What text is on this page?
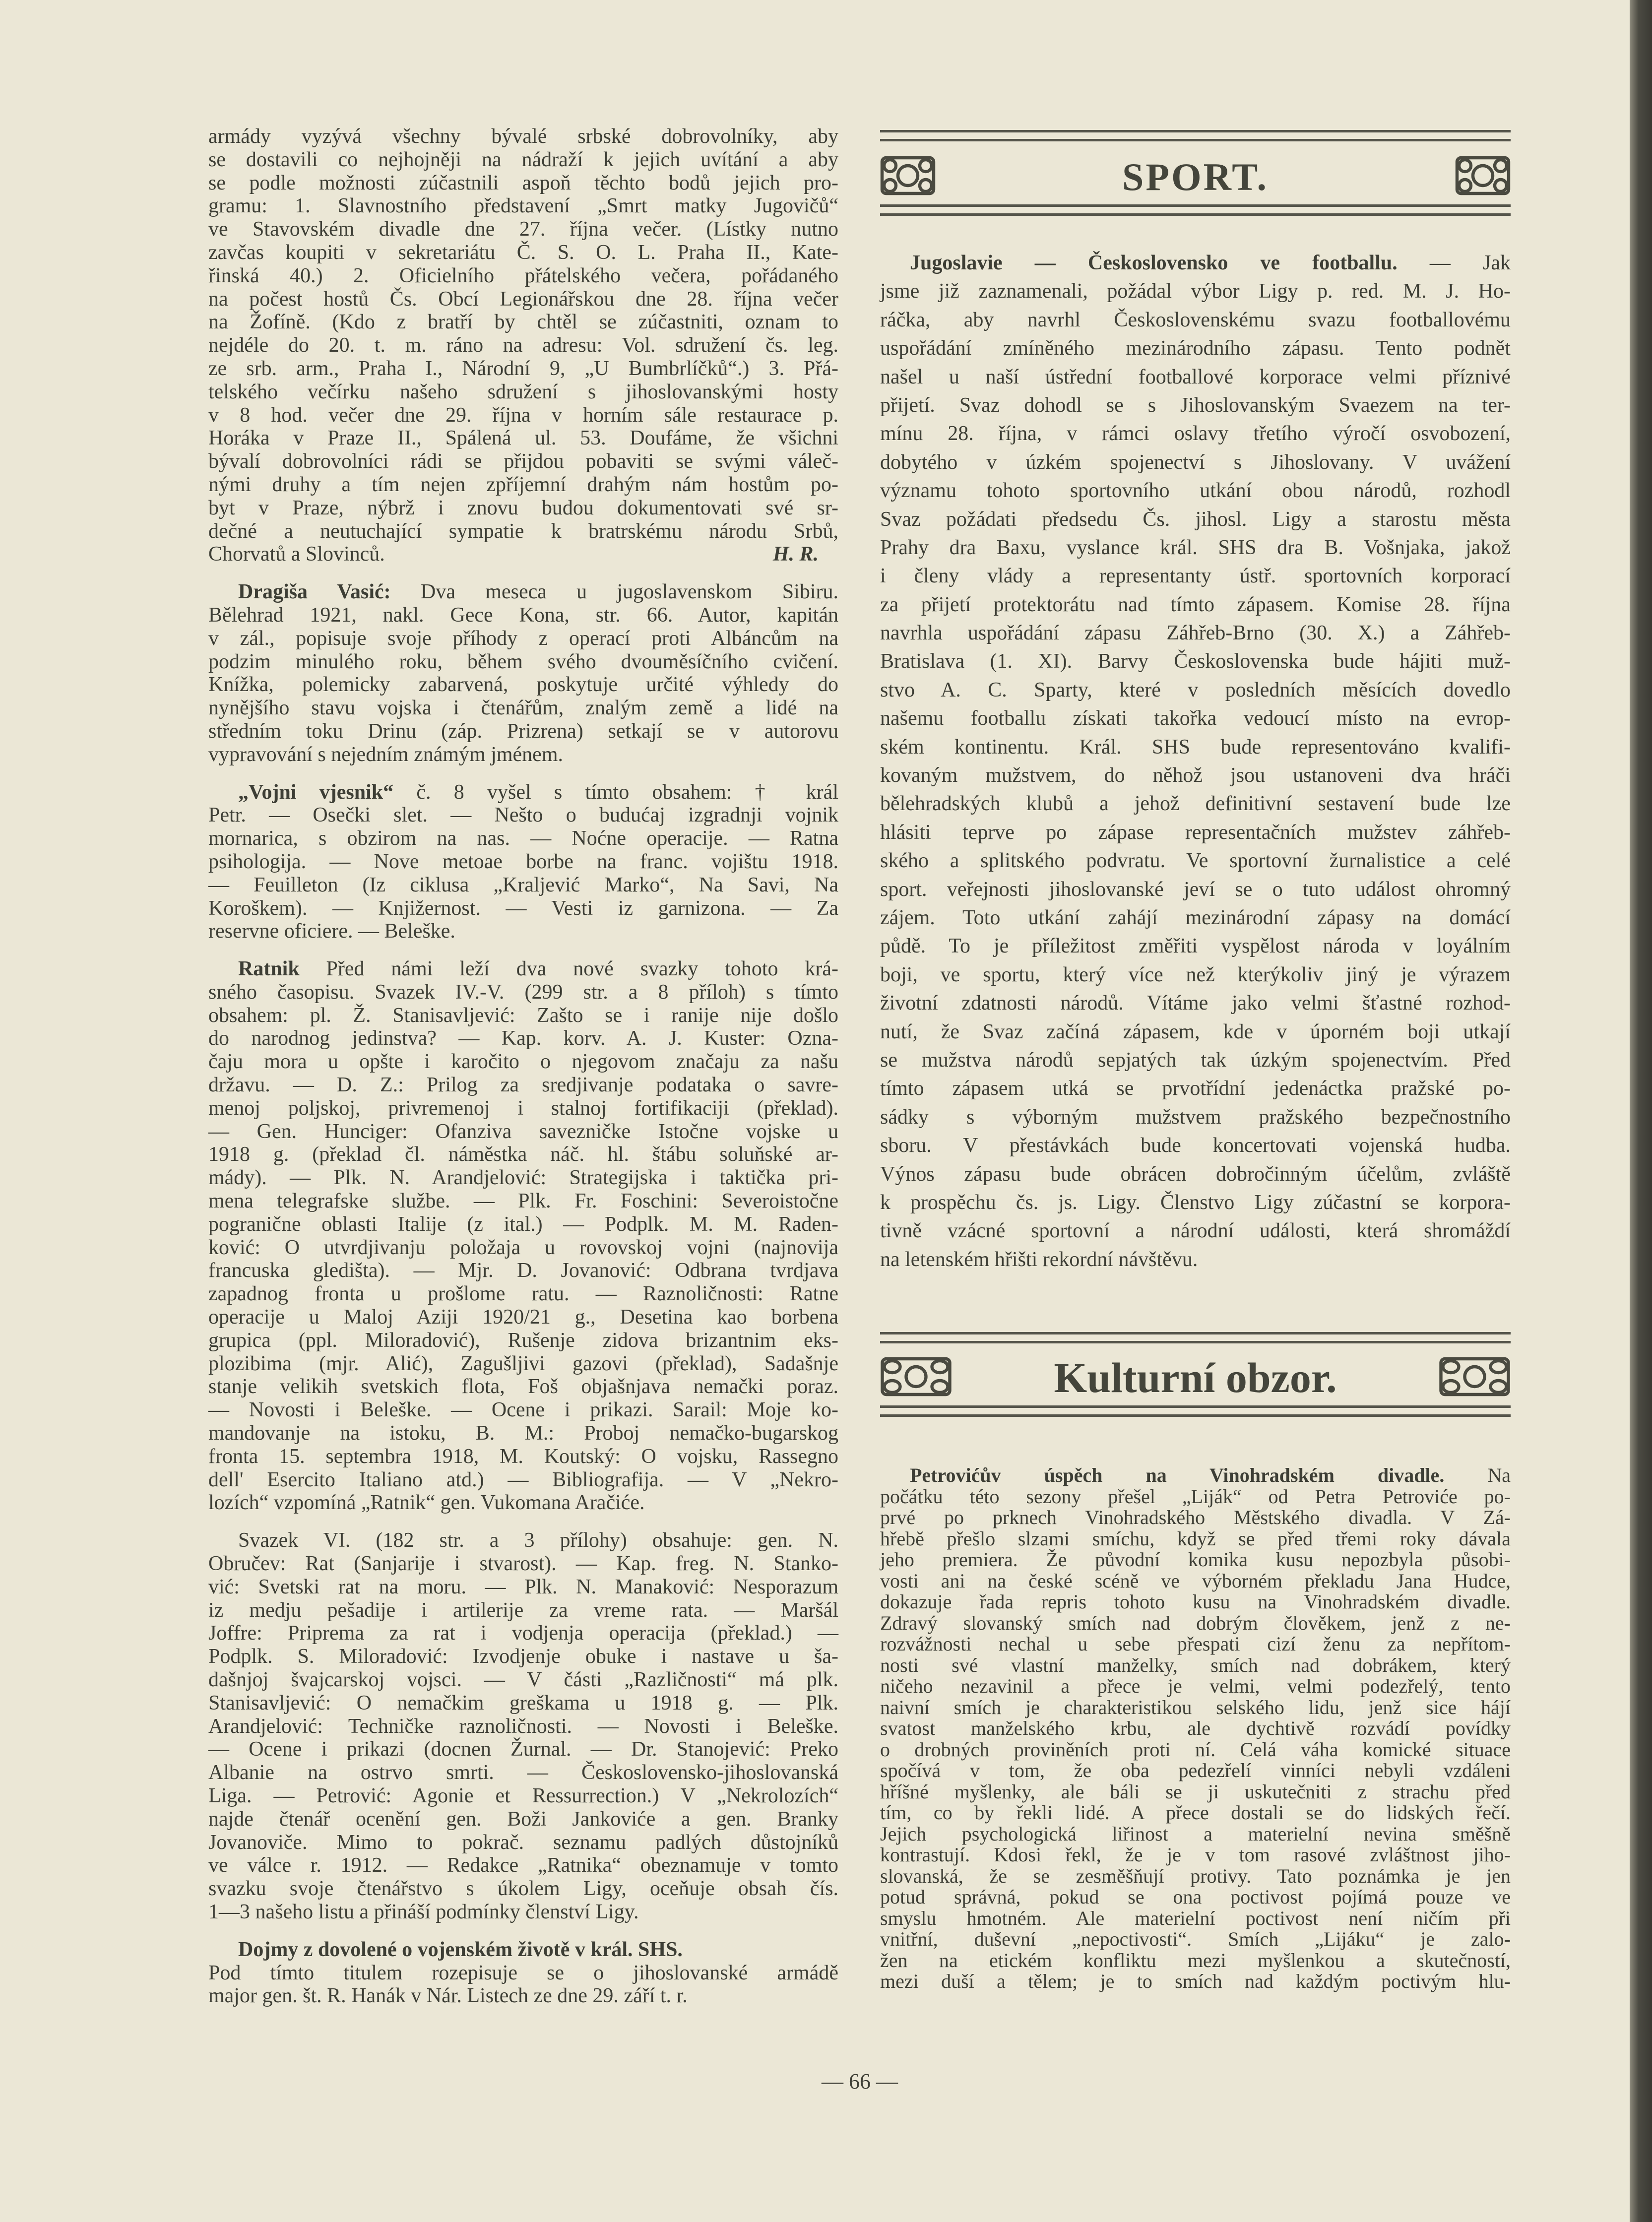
armády vyzývá všechny bývalé srbské dobrovolníky, aby
se dostavili co nejhojněji na nádraží k jejich uvítání a aby
se podle možnosti zúčastnili aspoň těchto bodů jejich pro-
gramu: 1. Slavnostního představení „Smrt matky Jugovičů“
ve Stavovském divadle dne 27. října večer. (Lístky nutno
zavčas koupiti v sekretariátu Č. S. O. L. Praha II., Kate-
řinská 40.) 2. Oficielního přátelského večera, pořádaného
na počest hostů Čs. Obcí Legionářskou dne 28. října večer
na Žofíně. (Kdo z bratří by chtěl se zúčastniti, oznam to
nejdéle do 20. t. m. ráno na adresu: Vol. sdružení čs. leg.
ze srb. arm., Praha I., Národní 9, „U Bumbrlíčků“.) 3. Přá-
telského večírku našeho sdružení s jihoslovanskými hosty
v 8 hod. večer dne 29. října v horním sále restaurace p.
Horáka v Praze II., Spálená ul. 53. Doufáme, že všichni
bývalí dobrovolníci rádi se přijdou pobaviti se svými váleč-
nými druhy a tím nejen zpříjemní drahým nám hostům po-
byt v Praze, nýbrž i znovu budou dokumentovati své sr-
dečné a neutuchající sympatie k bratrskému národu Srbů,
Chorvatů a Slovinců.	H. R.
Dragiša Vasić: Dva meseca u jugoslavenskom Sibiru.
Bělehrad 1921, nakl. Gece Kona, str. 66. Autor, kapitán
v zál., popisuje svoje příhody z operací proti Albáncům na
podzim minulého roku, během svého dvouměsíčního cvičení.
Knížka, polemicky zabarvená, poskytuje určité výhledy do
nynějšího stavu vojska i čtenářům, znalým země a lidé na
středním toku Drinu (záp. Prizrena) setkají se v autorovu
vypravování s nejedním známým jménem.
„Vojni vjesnik“ č. 8 vyšel s tímto obsahem: † král
Petr. — Osečki slet. — Nešto o budućaj izgradnji vojnik
mornarica, s obzirom na nas. — Noćne operacije. — Ratna
psihologija. — Nove metoae borbe na franc. vojištu 1918.
— Feuilleton (Iz ciklusa „Kraljević Marko“, Na Savi, Na
Koroškem). — Knjižernost. — Vesti iz garnizona. — Za
reservne oficiere. — Beleške.
Ratnik Před námi leží dva nové svazky tohoto krá-
sného časopisu. Svazek IV.-V. (299 str. a 8 příloh) s tímto
obsahem: pl. Ž. Stanisavljević: Zašto se i ranije nije došlo
do narodnog jedinstva? — Kap. korv. A. J. Kuster: Ozna-
čaju mora u opšte i karočito o njegovom značaju za našu
državu. — D. Z.: Prilog za sredjivanje podataka o savre-
menoj poljskoj, privremenoj i stalnoj fortifikaciji (překlad).
— Gen. Hunciger: Ofanziva savezničke Istočne vojske u
1918 g. (překlad čl. náměstka náč. hl. štábu soluňské ar-
mády). — Plk. N. Arandjelović: Strategijska i taktička pri-
mena telegrafske službe. — Plk. Fr. Foschini: Severoistočne
pogranične oblasti Italije (z ital.) — Podplk. M. M. Raden-
ković: O utvrdjivanju položaja u rovovskoj vojni (najnovija
francuska gledišta). — Mjr. D. Jovanović: Odbrana tvrdjava
zapadnog fronta u prošlome ratu. — Raznoličnosti: Ratne
operacije u Maloj Aziji 1920/21 g., Desetina kao borbena
grupica (ppl. Miloradović), Rušenje zidova brizantnim eks-
plozibima (mjr. Alić), Zagušljivi gazovi (překlad), Sadašnje
stanje velikih svetskich flota, Foš objašnjava nemački poraz.
— Novosti i Beleške. — Ocene i prikazi. Sarail: Moje ko-
mandovanje na istoku, B. M.: Proboj nemačko-bugarskog
fronta 15. septembra 1918, M. Koutský: O vojsku, Rassegno
dell' Esercito Italiano atd.) — Bibliografija. — V „Nekro-
lozích“ vzpomíná „Ratnik“ gen. Vukomana Aračiće.
Svazek VI. (182 str. a 3 přílohy) obsahuje: gen. N.
Obručev: Rat (Sanjarije i stvarost). — Kap. freg. N. Stanko-
vić: Svetski rat na moru. — Plk. N. Manaković: Nesporazum
iz medju pešadije i artilerije za vreme rata. — Maršál
Joffre: Priprema za rat i vodjenja operacija (překlad.) —
Podplk. S. Miloradović: Izvodjenje obuke i nastave u ša-
dašnjoj švajcarskoj vojsci. — V části „Različnosti“ má plk.
Stanisavljević: O nemačkim greškama u 1918 g. — Plk.
Arandjelović: Techničke raznoličnosti. — Novosti i Beleške.
— Ocene i prikazi (docnen Žurnal. — Dr. Stanojević: Preko
Albanie na ostrvo smrti. — Československo-jihoslovanská
Liga. — Petrović: Agonie et Ressurrection.) V „Nekrolozích“
najde čtenář ocenění gen. Boži Jankoviće a gen. Branky
Jovanoviče. Mimo to pokrač. seznamu padlých důstojníků
ve válce r. 1912. — Redakce „Ratnika“ obeznamuje v tomto
svazku svoje čtenářstvo s úkolem Ligy, oceňuje obsah čís.
1—3 našeho listu a přináší podmínky členství Ligy.
Dojmy z dovolené o vojenském životě v král. SHS.
Pod tímto titulem rozepisuje se o jihoslovanské armádě
major gen. št. R. Hanák v Nár. Listech ze dne 29. září t. r.
SPORT.
Jugoslavie — Československo ve footballu. — Jak
jsme již zaznamenali, požádal výbor Ligy p. red. M. J. Ho-
ráčka, aby navrhl Československému svazu footballovému
uspořádání zmíněného mezinárodního zápasu. Tento podnět
našel u naší ústřední footballové korporace velmi příznivé
přijetí. Svaz dohodl se s Jihoslovanským Svaezem na ter-
mínu 28. října, v rámci oslavy třetího výročí osvobození,
dobytého v úzkém spojenectví s Jihoslovany. V uvážení
významu tohoto sportovního utkání obou národů, rozhodl
Svaz požádati předsedu Čs. jihosl. Ligy a starostu města
Prahy dra Baxu, vyslance král. SHS dra B. Vošnjaka, jakož
i členy vlády a representanty ústř. sportovních korporací
za přijetí protektorátu nad tímto zápasem. Komise 28. října
navrhla uspořádání zápasu Záhřeb-Brno (30. X.) a Záhřeb-
Bratislava (1. XI). Barvy Československa bude hájiti muž-
stvo A. C. Sparty, které v posledních měsících dovedlo
našemu footballu získati takořka vedoucí místo na evrop-
ském kontinentu. Král. SHS bude representováno kvalifi-
kovaným mužstvem, do něhož jsou ustanoveni dva hráči
bělehradských klubů a jehož definitivní sestavení bude lze
hlásiti teprve po zápase representačních mužstev záhřeb-
ského a splitského podvratu. Ve sportovní žurnalistice a celé
sport. veřejnosti jihoslovanské jeví se o tuto událost ohromný
zájem. Toto utkání zahájí mezinárodní zápasy na domácí
půdě. To je příležitost změřiti vyspělost národa v loyálním
boji, ve sportu, který více než kterýkoliv jiný je výrazem
životní zdatnosti národů. Vítáme jako velmi šťastné rozhod-
nutí, že Svaz začíná zápasem, kde v úporném boji utkají
se mužstva národů sepjatých tak úzkým spojenectvím. Před
tímto zápasem utká se prvotřídní jedenáctka pražské po-
sádky s výborným mužstvem pražského bezpečnostního
sboru. V přestávkách bude koncertovati vojenská hudba.
Výnos zápasu bude obrácen dobročinným účelům, zvláště
k prospěchu čs. js. Ligy. Členstvo Ligy zúčastní se korpora-
tivně vzácné sportovní a národní události, která shromáždí
na letenském hřišti rekordní návštěvu.
Kulturní obzor.
Petrovićův úspěch na Vinohradském divadle. Na
počátku této sezony přešel „Liják“ od Petra Petroviće po-
prvé po prknech Vinohradského Městského divadla. V Zá-
hřebě přešlo slzami smíchu, když se před třemi roky dávala
jeho premiera. Že původní komika kusu nepozbyla působi-
vosti ani na české scéně ve výborném překladu Jana Hudce,
dokazuje řada repris tohoto kusu na Vinohradském divadle.
Zdravý slovanský smích nad dobrým člověkem, jenž z ne-
rozvážnosti nechal u sebe přespati cizí ženu za nepřítom-
nosti své vlastní manželky, smích nad dobrákem, který
ničeho nezavinil a přece je velmi, velmi podezřelý, tento
naivní smích je charakteristikou selského lidu, jenž sice hájí
svatost manželského krbu, ale dychtivě rozvádí povídky
o drobných proviněních proti ní. Celá váha komické situace
spočívá v tom, že oba pedezřelí vinníci nebyli vzdáleni
hříšné myšlenky, ale báli se ji uskutečniti z strachu před
tím, co by řekli lidé. A přece dostali se do lidských řečí.
Jejich psychologická liřinost a materielní nevina směšně
kontrastují. Kdosi řekl, že je v tom rasové zvláštnost jiho-
slovanská, že se zesměšňují protivy. Tato poznámka je jen
potud správná, pokud se ona poctivost pojímá pouze ve
smyslu hmotném. Ale materielní poctivost není ničím při
vnitřní, duševní „nepoctivosti“. Smích „Lijáku“ je zalo-
žen na etickém konfliktu mezi myšlenkou a skutečností,
mezi duší a tělem; je to smích nad každým poctivým hlu-
— 66 —
